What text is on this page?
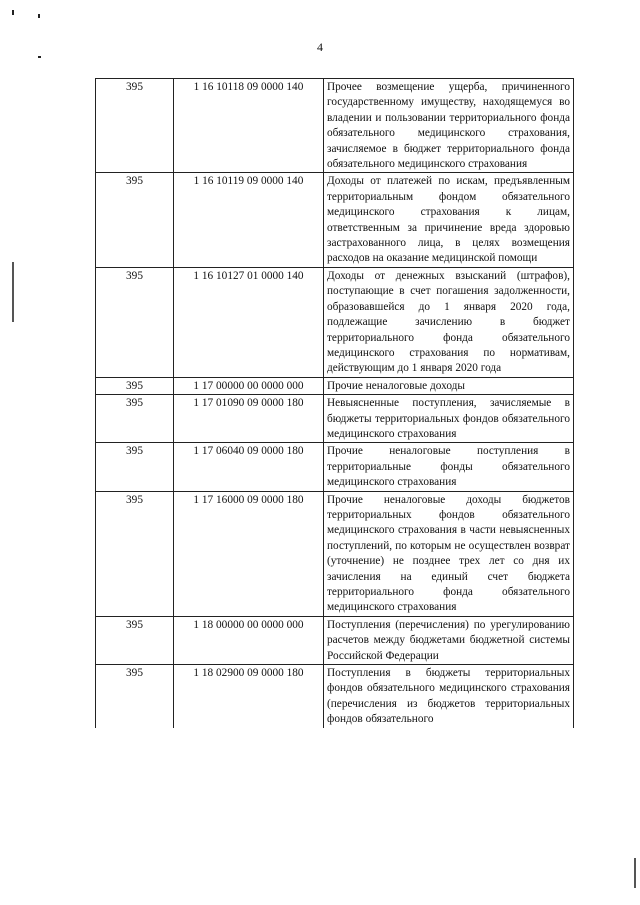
4
395	1 16 10118 09 0000 140	Прочее возмещение ущерба, причиненного государственному имуществу, находящемуся во владении и пользовании территориального фонда обязательного медицинского страхования, зачисляемое в бюджет территориального фонда обязательного медицинского страхования
395	1 16 10119 09 0000 140	Доходы от платежей по искам, предъявленным территориальным фондом обязательного медицинского страхования к лицам, ответственным за причинение вреда здоровью застрахованного лица, в целях возмещения расходов на оказание медицинской помощи
395	1 16 10127 01 0000 140	Доходы от денежных взысканий (штрафов), поступающие в счет погашения задолженности, образовавшейся до 1 января 2020 года, подлежащие зачислению в бюджет территориального фонда обязательного медицинского страхования по нормативам, действующим до 1 января 2020 года
395	1 17 00000 00 0000 000	Прочие неналоговые доходы
395	1 17 01090 09 0000 180	Невыясненные поступления, зачисляемые в бюджеты территориальных фондов обязательного медицинского страхования
395	1 17 06040 09 0000 180	Прочие неналоговые поступления в территориальные фонды обязательного медицинского страхования
395	1 17 16000 09 0000 180	Прочие неналоговые доходы бюджетов территориальных фондов обязательного медицинского страхования в части невыясненных поступлений, по которым не осуществлен возврат (уточнение) не позднее трех лет со дня их зачисления на единый счет бюджета территориального фонда обязательного медицинского страхования
395	1 18 00000 00 0000 000	Поступления (перечисления) по урегулированию расчетов между бюджетами бюджетной системы Российской Федерации
395	1 18 02900 09 0000 180	Поступления в бюджеты территориальных фондов обязательного медицинского страхования (перечисления из бюджетов территориальных фондов обязательного
